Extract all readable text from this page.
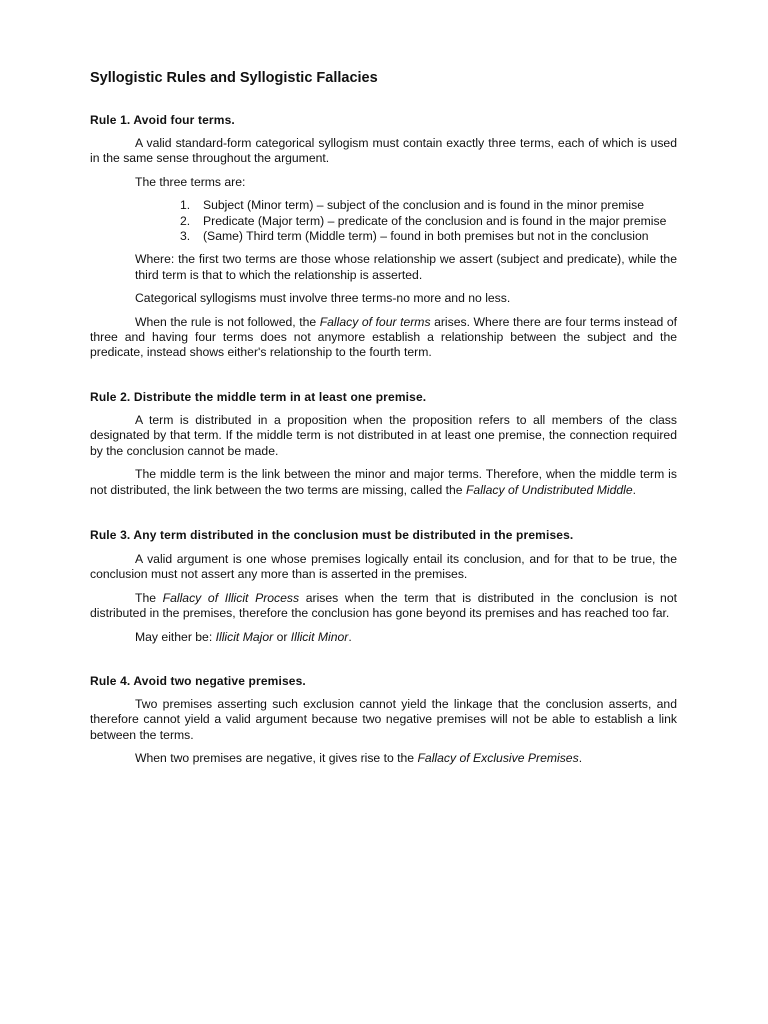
Syllogistic Rules and Syllogistic Fallacies
Rule 1. Avoid four terms.

A valid standard-form categorical syllogism must contain exactly three terms, each of which is used in the same sense throughout the argument.

The three terms are:

1. Subject (Minor term) – subject of the conclusion and is found in the minor premise
2. Predicate (Major term) – predicate of the conclusion and is found in the major premise
3. (Same) Third term (Middle term) – found in both premises but not in the conclusion

Where: the first two terms are those whose relationship we assert (subject and predicate), while the third term is that to which the relationship is asserted.

Categorical syllogisms must involve three terms-no more and no less.

When the rule is not followed, the Fallacy of four terms arises. Where there are four terms instead of three and having four terms does not anymore establish a relationship between the subject and the predicate, instead shows either's relationship to the fourth term.

Rule 2. Distribute the middle term in at least one premise.

A term is distributed in a proposition when the proposition refers to all members of the class designated by that term. If the middle term is not distributed in at least one premise, the connection required by the conclusion cannot be made.

The middle term is the link between the minor and major terms. Therefore, when the middle term is not distributed, the link between the two terms are missing, called the Fallacy of Undistributed Middle.

Rule 3. Any term distributed in the conclusion must be distributed in the premises.

A valid argument is one whose premises logically entail its conclusion, and for that to be true, the conclusion must not assert any more than is asserted in the premises.

The Fallacy of Illicit Process arises when the term that is distributed in the conclusion is not distributed in the premises, therefore the conclusion has gone beyond its premises and has reached too far.

May either be: Illicit Major or Illicit Minor.

Rule 4. Avoid two negative premises.

Two premises asserting such exclusion cannot yield the linkage that the conclusion asserts, and therefore cannot yield a valid argument because two negative premises will not be able to establish a link between the terms.

When two premises are negative, it gives rise to the Fallacy of Exclusive Premises.
